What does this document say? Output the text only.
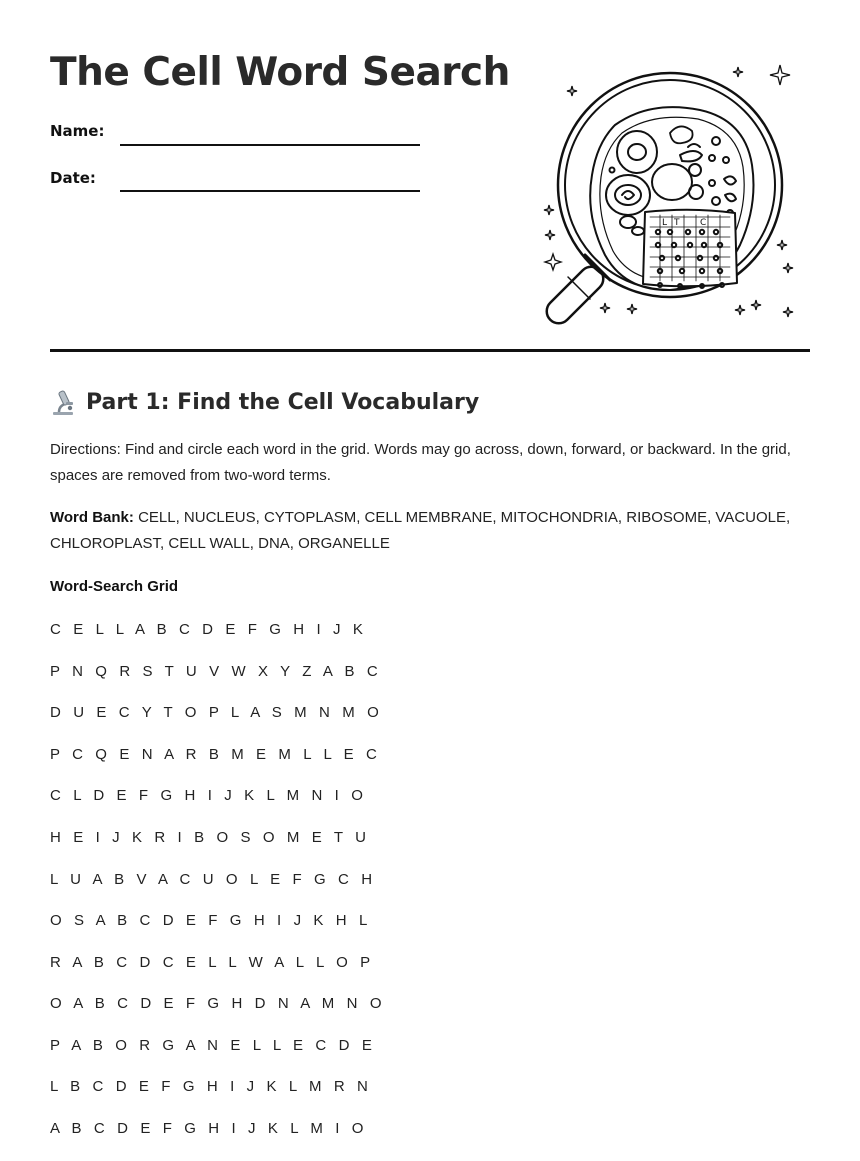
The Cell Word Search
Name:
Date:
L T C
Part 1: Find the Cell Vocabulary

Directions: Find and circle each word in the grid. Words may go across, down, forward, or backward. In the grid, spaces are removed from two-word terms.

Word Bank: CELL, NUCLEUS, CYTOPLASM, CELL MEMBRANE, MITOCHONDRIA, RIBOSOME, VACUOLE, CHLOROPLAST, CELL WALL, DNA, ORGANELLE

Word-Search Grid
C E L L A B C D E F G H I J K
P N Q R S T U V W X Y Z A B C
D U E C Y T O P L A S M N M O
P C Q E N A R B M E M L L E C
C L D E F G H I J K L M N I O
H E I J K R I B O S O M E T U
L U A B V A C U O L E F G C H
O S A B C D E F G H I J K H L
R A B C D C E L L W A L L O P
O A B C D E F G H D N A M N O
P A B O R G A N E L L E C D E
L B C D E F G H I J K L M R N
A B C D E F G H I J K L M I O
